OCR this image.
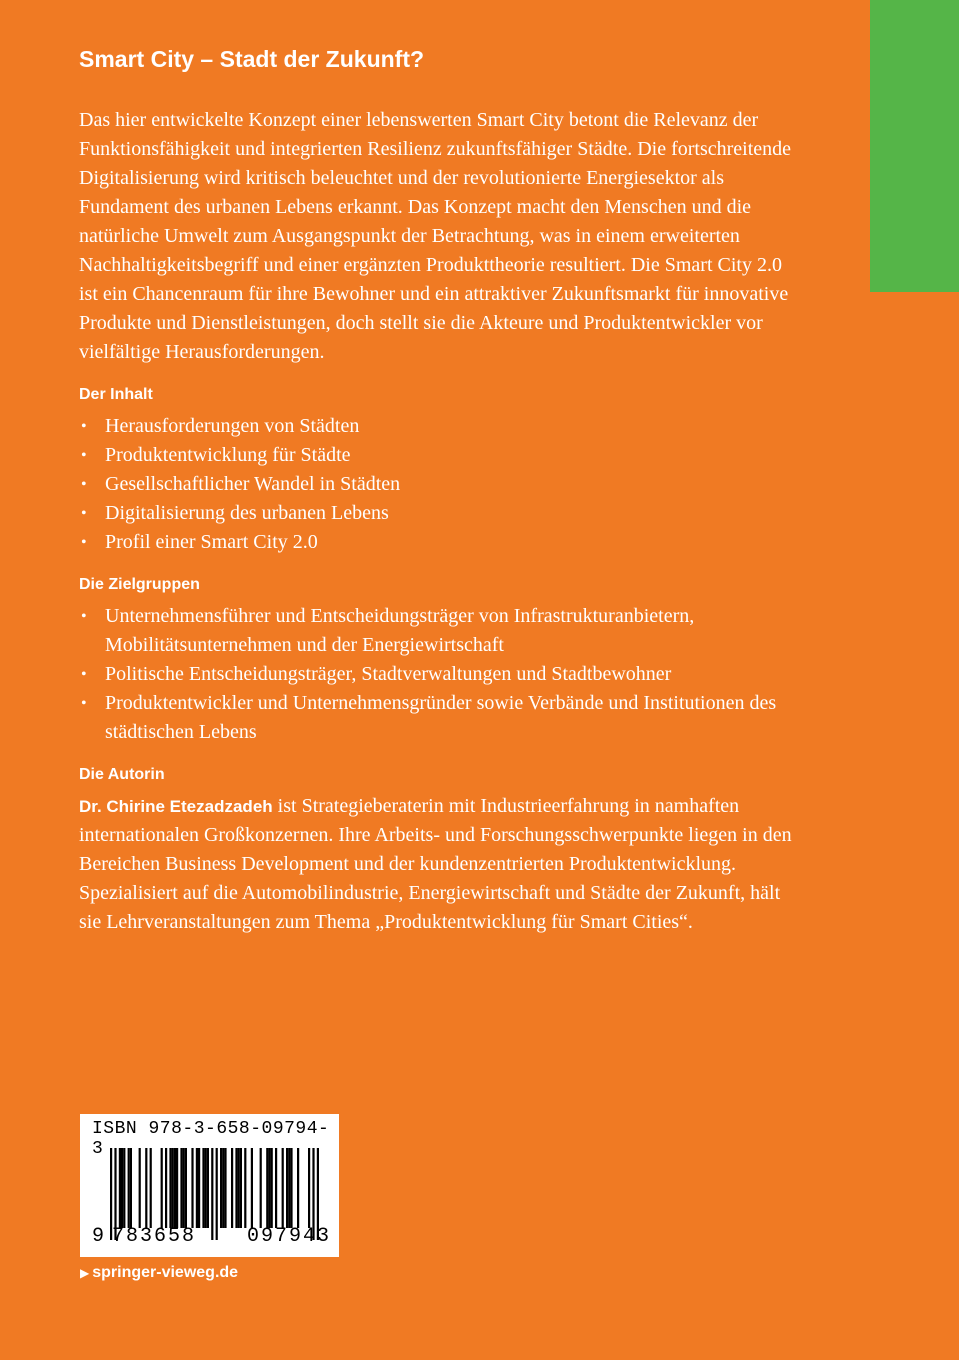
Smart City – Stadt der Zukunft?

Das hier entwickelte Konzept einer lebenswerten Smart City betont die Relevanz der Funktionsfähigkeit und integrierten Resilienz zukunftsfähiger Städte. Die fortschreitende Digitalisierung wird kritisch beleuchtet und der revolutionierte Energiesektor als Fundament des urbanen Lebens erkannt. Das Konzept macht den Menschen und die natürliche Umwelt zum Ausgangspunkt der Betrachtung, was in einem erweiterten Nachhaltigkeitsbegriff und einer ergänzten Produkttheorie resultiert. Die Smart City 2.0 ist ein Chancenraum für ihre Bewohner und ein attraktiver Zukunftsmarkt für innovative Produkte und Dienstleistungen, doch stellt sie die Akteure und Produktentwickler vor vielfältige Herausforderungen.

Der Inhalt
• Herausforderungen von Städten
• Produktentwicklung für Städte
• Gesellschaftlicher Wandel in Städten
• Digitalisierung des urbanen Lebens
• Profil einer Smart City 2.0
Die Zielgruppen
• Unternehmensführer und Entscheidungsträger von Infrastrukturanbietern, Mobilitätsunternehmen und der Energiewirtschaft
• Politische Entscheidungsträger, Stadtverwaltungen und Stadtbewohner
• Produktentwickler und Unternehmensgründer sowie Verbände und Institutionen des städtischen Lebens
Die Autorin

Dr. Chirine Etezadzadeh ist Strategieberaterin mit Industrieerfahrung in namhaften internationalen Großkonzernen. Ihre Arbeits- und Forschungsschwerpunkte liegen in den Bereichen Business Development und der kundenzentrierten Produktentwicklung. Spezialisiert auf die Automobilindustrie, Energiewirtschaft und Städte der Zukunft, hält sie Lehrveranstaltungen zum Thema „Produktentwicklung für Smart Cities“.

ISBN 978-3-658-09794-3
9 783658	097943
▶ springer-vieweg.de
